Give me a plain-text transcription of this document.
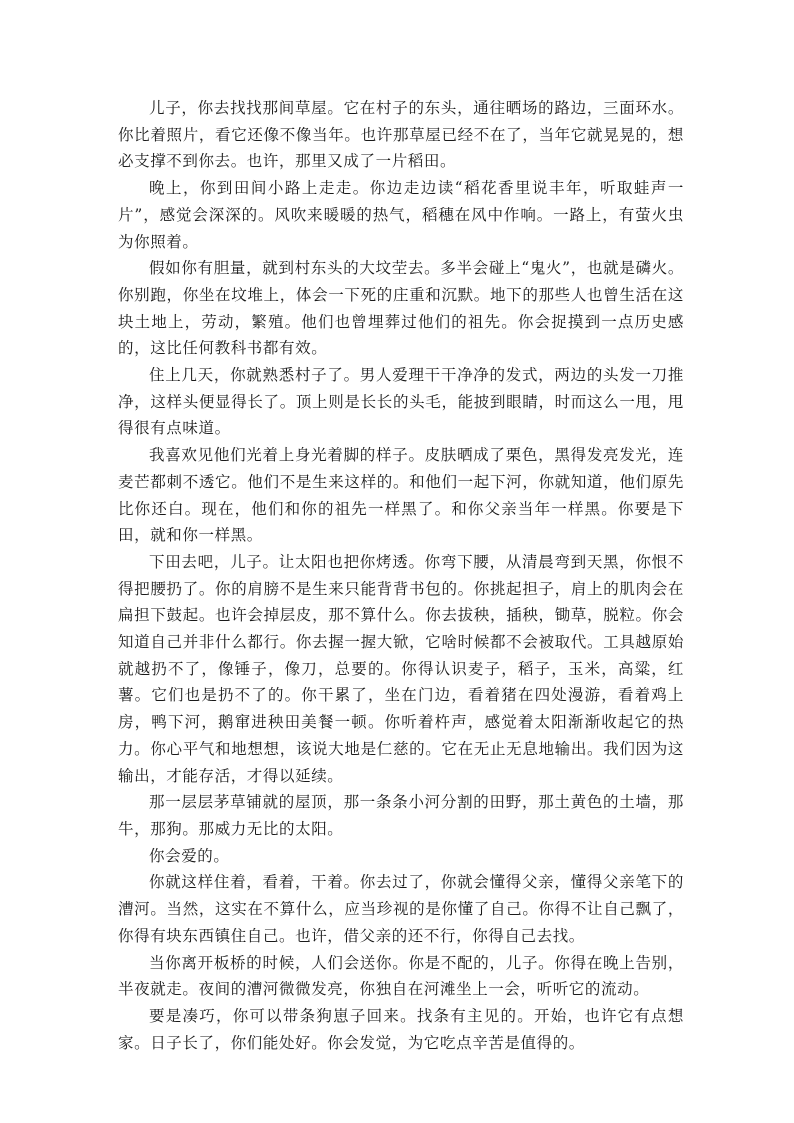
儿子，你去找找那间草屋。它在村子的东头，通往晒场的路边，三面环水。你比着照片，看它还像不像当年。也许那草屋已经不在了，当年它就晃晃的，想必支撑不到你去。也许，那里又成了一片稻田。

晚上，你到田间小路上走走。你边走边读“稻花香里说丰年，听取蛙声一片”，感觉会深深的。风吹来暖暖的热气，稻穗在风中作响。一路上，有萤火虫为你照着。

假如你有胆量，就到村东头的大坟茔去。多半会碰上“鬼火”，也就是磷火。你别跑，你坐在坟堆上，体会一下死的庄重和沉默。地下的那些人也曾生活在这块土地上，劳动，繁殖。他们也曾埋葬过他们的祖先。你会捉摸到一点历史感的，这比任何教科书都有效。

住上几天，你就熟悉村子了。男人爱理干干净净的发式，两边的头发一刀推净，这样头便显得长了。顶上则是长长的头毛，能披到眼睛，时而这么一甩，甩得很有点味道。

我喜欢见他们光着上身光着脚的样子。皮肤晒成了栗色，黑得发亮发光，连麦芒都刺不透它。他们不是生来这样的。和他们一起下河，你就知道，他们原先比你还白。现在，他们和你的祖先一样黑了。和你父亲当年一样黑。你要是下田，就和你一样黑。

下田去吧，儿子。让太阳也把你烤透。你弯下腰，从清晨弯到天黑，你恨不得把腰扔了。你的肩膀不是生来只能背背书包的。你挑起担子，肩上的肌肉会在扁担下鼓起。也许会掉层皮，那不算什么。你去拔秧，插秧，锄草，脱粒。你会知道自己并非什么都行。你去握一握大锨，它啥时候都不会被取代。工具越原始就越扔不了，像锤子，像刀，总要的。你得认识麦子，稻子，玉米，高粱，红薯。它们也是扔不了的。你干累了，坐在门边，看着猪在四处漫游，看着鸡上房，鸭下河，鹅窜进秧田美餐一顿。你听着杵声，感觉着太阳渐渐收起它的热力。你心平气和地想想，该说大地是仁慈的。它在无止无息地输出。我们因为这输出，才能存活，才得以延续。

那一层层茅草铺就的屋顶，那一条条小河分割的田野，那土黄色的土墙，那牛，那狗。那威力无比的太阳。

你会爱的。

你就这样住着，看着，干着。你去过了，你就会懂得父亲，懂得父亲笔下的漕河。当然，这实在不算什么，应当珍视的是你懂了自己。你得不让自己飘了，你得有块东西镇住自己。也许，借父亲的还不行，你得自己去找。

当你离开板桥的时候，人们会送你。你是不配的，儿子。你得在晚上告别，半夜就走。夜间的漕河微微发亮，你独自在河滩坐上一会，听听它的流动。

要是凑巧，你可以带条狗崽子回来。找条有主见的。开始，也许它有点想家。日子长了，你们能处好。你会发觉，为它吃点辛苦是值得的。
